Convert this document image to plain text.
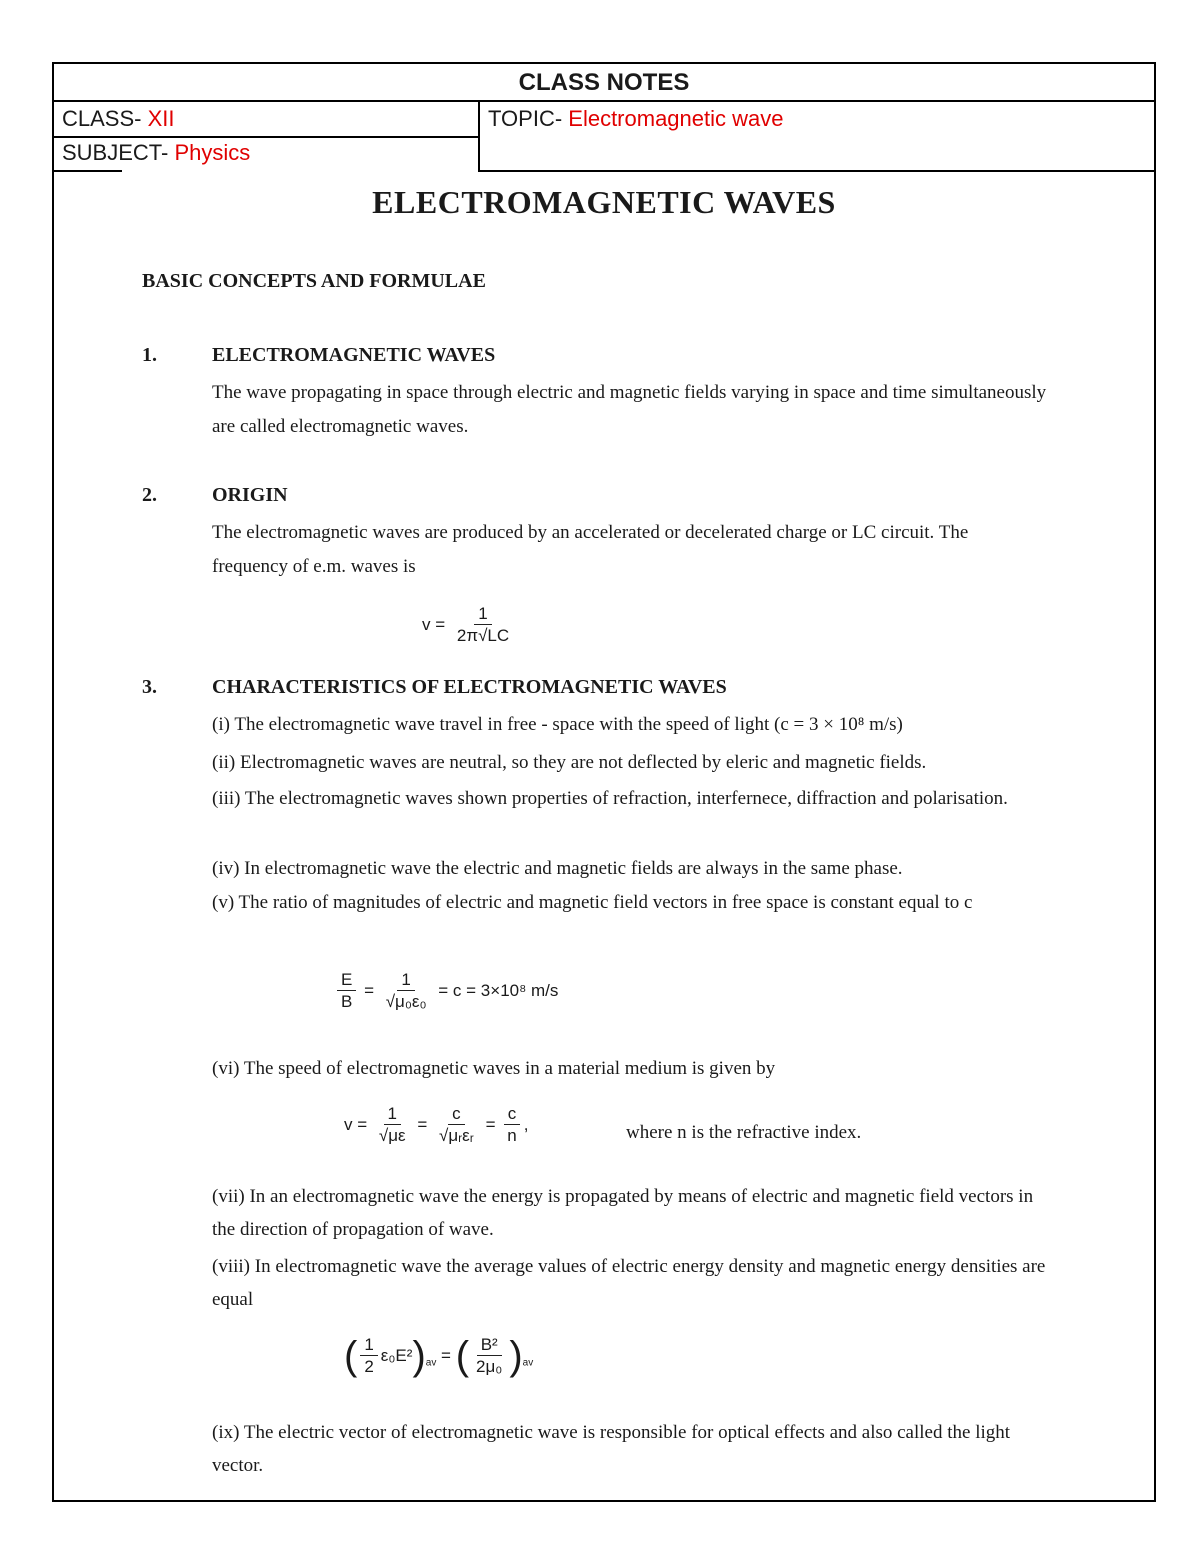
CLASS NOTES
CLASS- XII	TOPIC- Electromagnetic wave
SUBJECT- Physics
ELECTROMAGNETIC WAVES
BASIC CONCEPTS AND FORMULAE
1.	ELECTROMAGNETIC WAVES
The wave propagating in space through electric and magnetic fields varying in space and time simultaneously are called electromagnetic waves.
2.	ORIGIN
The electromagnetic waves are produced by an accelerated or decelerated charge or LC circuit. The frequency of e.m. waves is
$v = \frac{1}{2\pi√LC}$
3.	CHARACTERISTICS OF ELECTROMAGNETIC WAVES
(i) The electromagnetic wave travel in free - space with the speed of light (c = 3 × 10⁸ m/s)
(ii) Electromagnetic waves are neutral, so they are not deflected by eleric and magnetic fields.
(iii) The electromagnetic waves shown properties of refraction, interfernece, diffraction and polarisation.
(iv) In electromagnetic wave the electric and magnetic fields are always in the same phase.
(v) The ratio of magnitudes of electric and magnetic field vectors in free space is constant equal to c
$\frac{E}{B} = \frac{1}{\text{√μ₀ε₀}} = c = 3\times 10^8$ m/s
(vi) The speed of electromagnetic waves in a material medium is given by
$v = \frac{1}{√\mu\varepsilon} = \frac{c}{\text{√μᵣεᵣ}} = \frac{c}{n}$ ,	where n is the refractive index.
(vii) In an electromagnetic wave the energy is propagated by means of electric and magnetic field vectors in the direction of propagation of wave.
(viii) In electromagnetic wave the average values of electric energy density and magnetic energy densities are equal
( $\frac{1}{2} \varepsilon_0E^2)_{av}$ = ( $\frac{\text{B²}}{\text{2μ₀}} )_{av}$
(ix) The electric vector of electromagnetic wave is responsible for optical effects and also called the light vector.
